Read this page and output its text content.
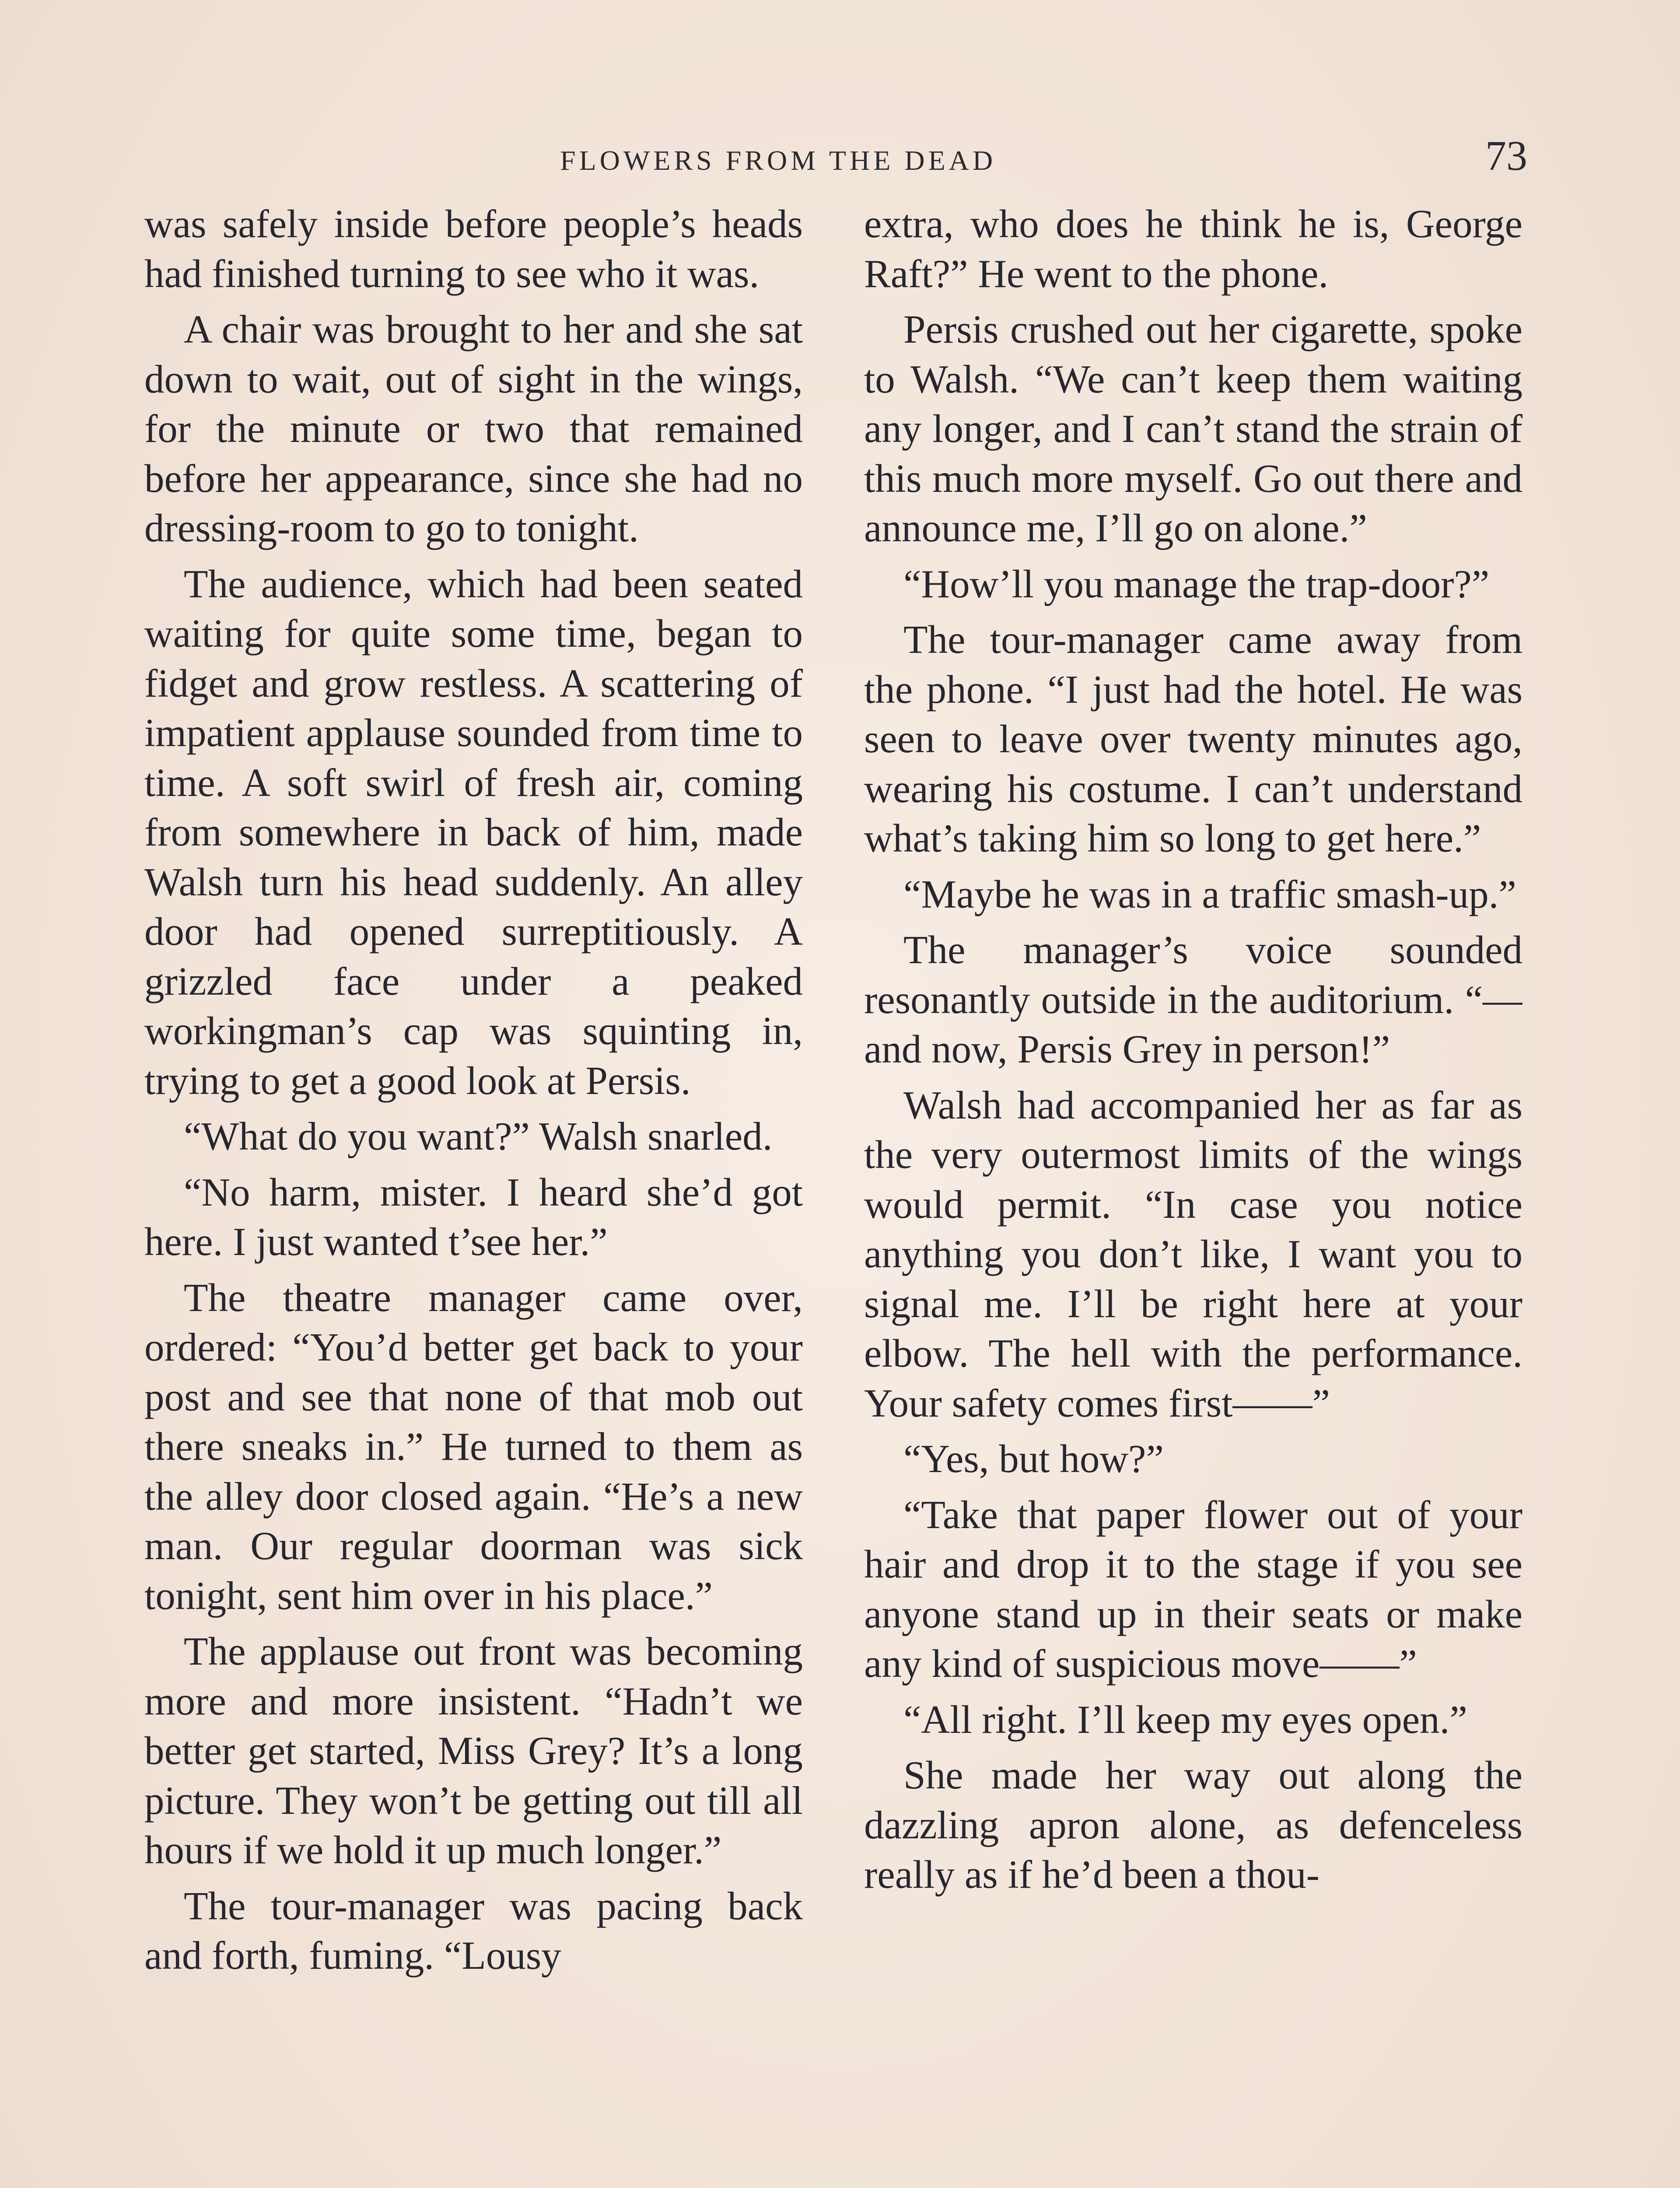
FLOWERS FROM THE DEAD	73

was safely inside before people’s heads had finished turning to see who it was.

A chair was brought to her and she sat down to wait, out of sight in the wings, for the minute or two that remained before her appearance, since she had no dressing-room to go to tonight.

The audience, which had been seated waiting for quite some time, began to fidget and grow restless. A scattering of impatient applause sounded from time to time. A soft swirl of fresh air, coming from somewhere in back of him, made Walsh turn his head suddenly. An alley door had opened surreptitiously. A grizzled face under a peaked workingman’s cap was squinting in, trying to get a good look at Persis.

“What do you want?” Walsh snarled.

“No harm, mister. I heard she’d got here. I just wanted t’see her.”

The theatre manager came over, ordered: “You’d better get back to your post and see that none of that mob out there sneaks in.” He turned to them as the alley door closed again. “He’s a new man. Our regular doorman was sick tonight, sent him over in his place.”

The applause out front was becoming more and more insistent. “Hadn’t we better get started, Miss Grey? It’s a long picture. They won’t be getting out till all hours if we hold it up much longer.”

The tour-manager was pacing back and forth, fuming. “Lousy

extra, who does he think he is, George Raft?” He went to the phone.

Persis crushed out her cigarette, spoke to Walsh. “We can’t keep them waiting any longer, and I can’t stand the strain of this much more myself. Go out there and announce me, I’ll go on alone.”

“How’ll you manage the trap-door?”

The tour-manager came away from the phone. “I just had the hotel. He was seen to leave over twenty minutes ago, wearing his costume. I can’t understand what’s taking him so long to get here.”

“Maybe he was in a traffic smash-up.”

The manager’s voice sounded resonantly outside in the auditorium. “—and now, Persis Grey in person!”

Walsh had accompanied her as far as the very outermost limits of the wings would permit. “In case you notice anything you don’t like, I want you to signal me. I’ll be right here at your elbow. The hell with the performance. Your safety comes first——”

“Yes, but how?”

“Take that paper flower out of your hair and drop it to the stage if you see anyone stand up in their seats or make any kind of suspicious move——”

“All right. I’ll keep my eyes open.”

She made her way out along the dazzling apron alone, as defenceless really as if he’d been a thou-
